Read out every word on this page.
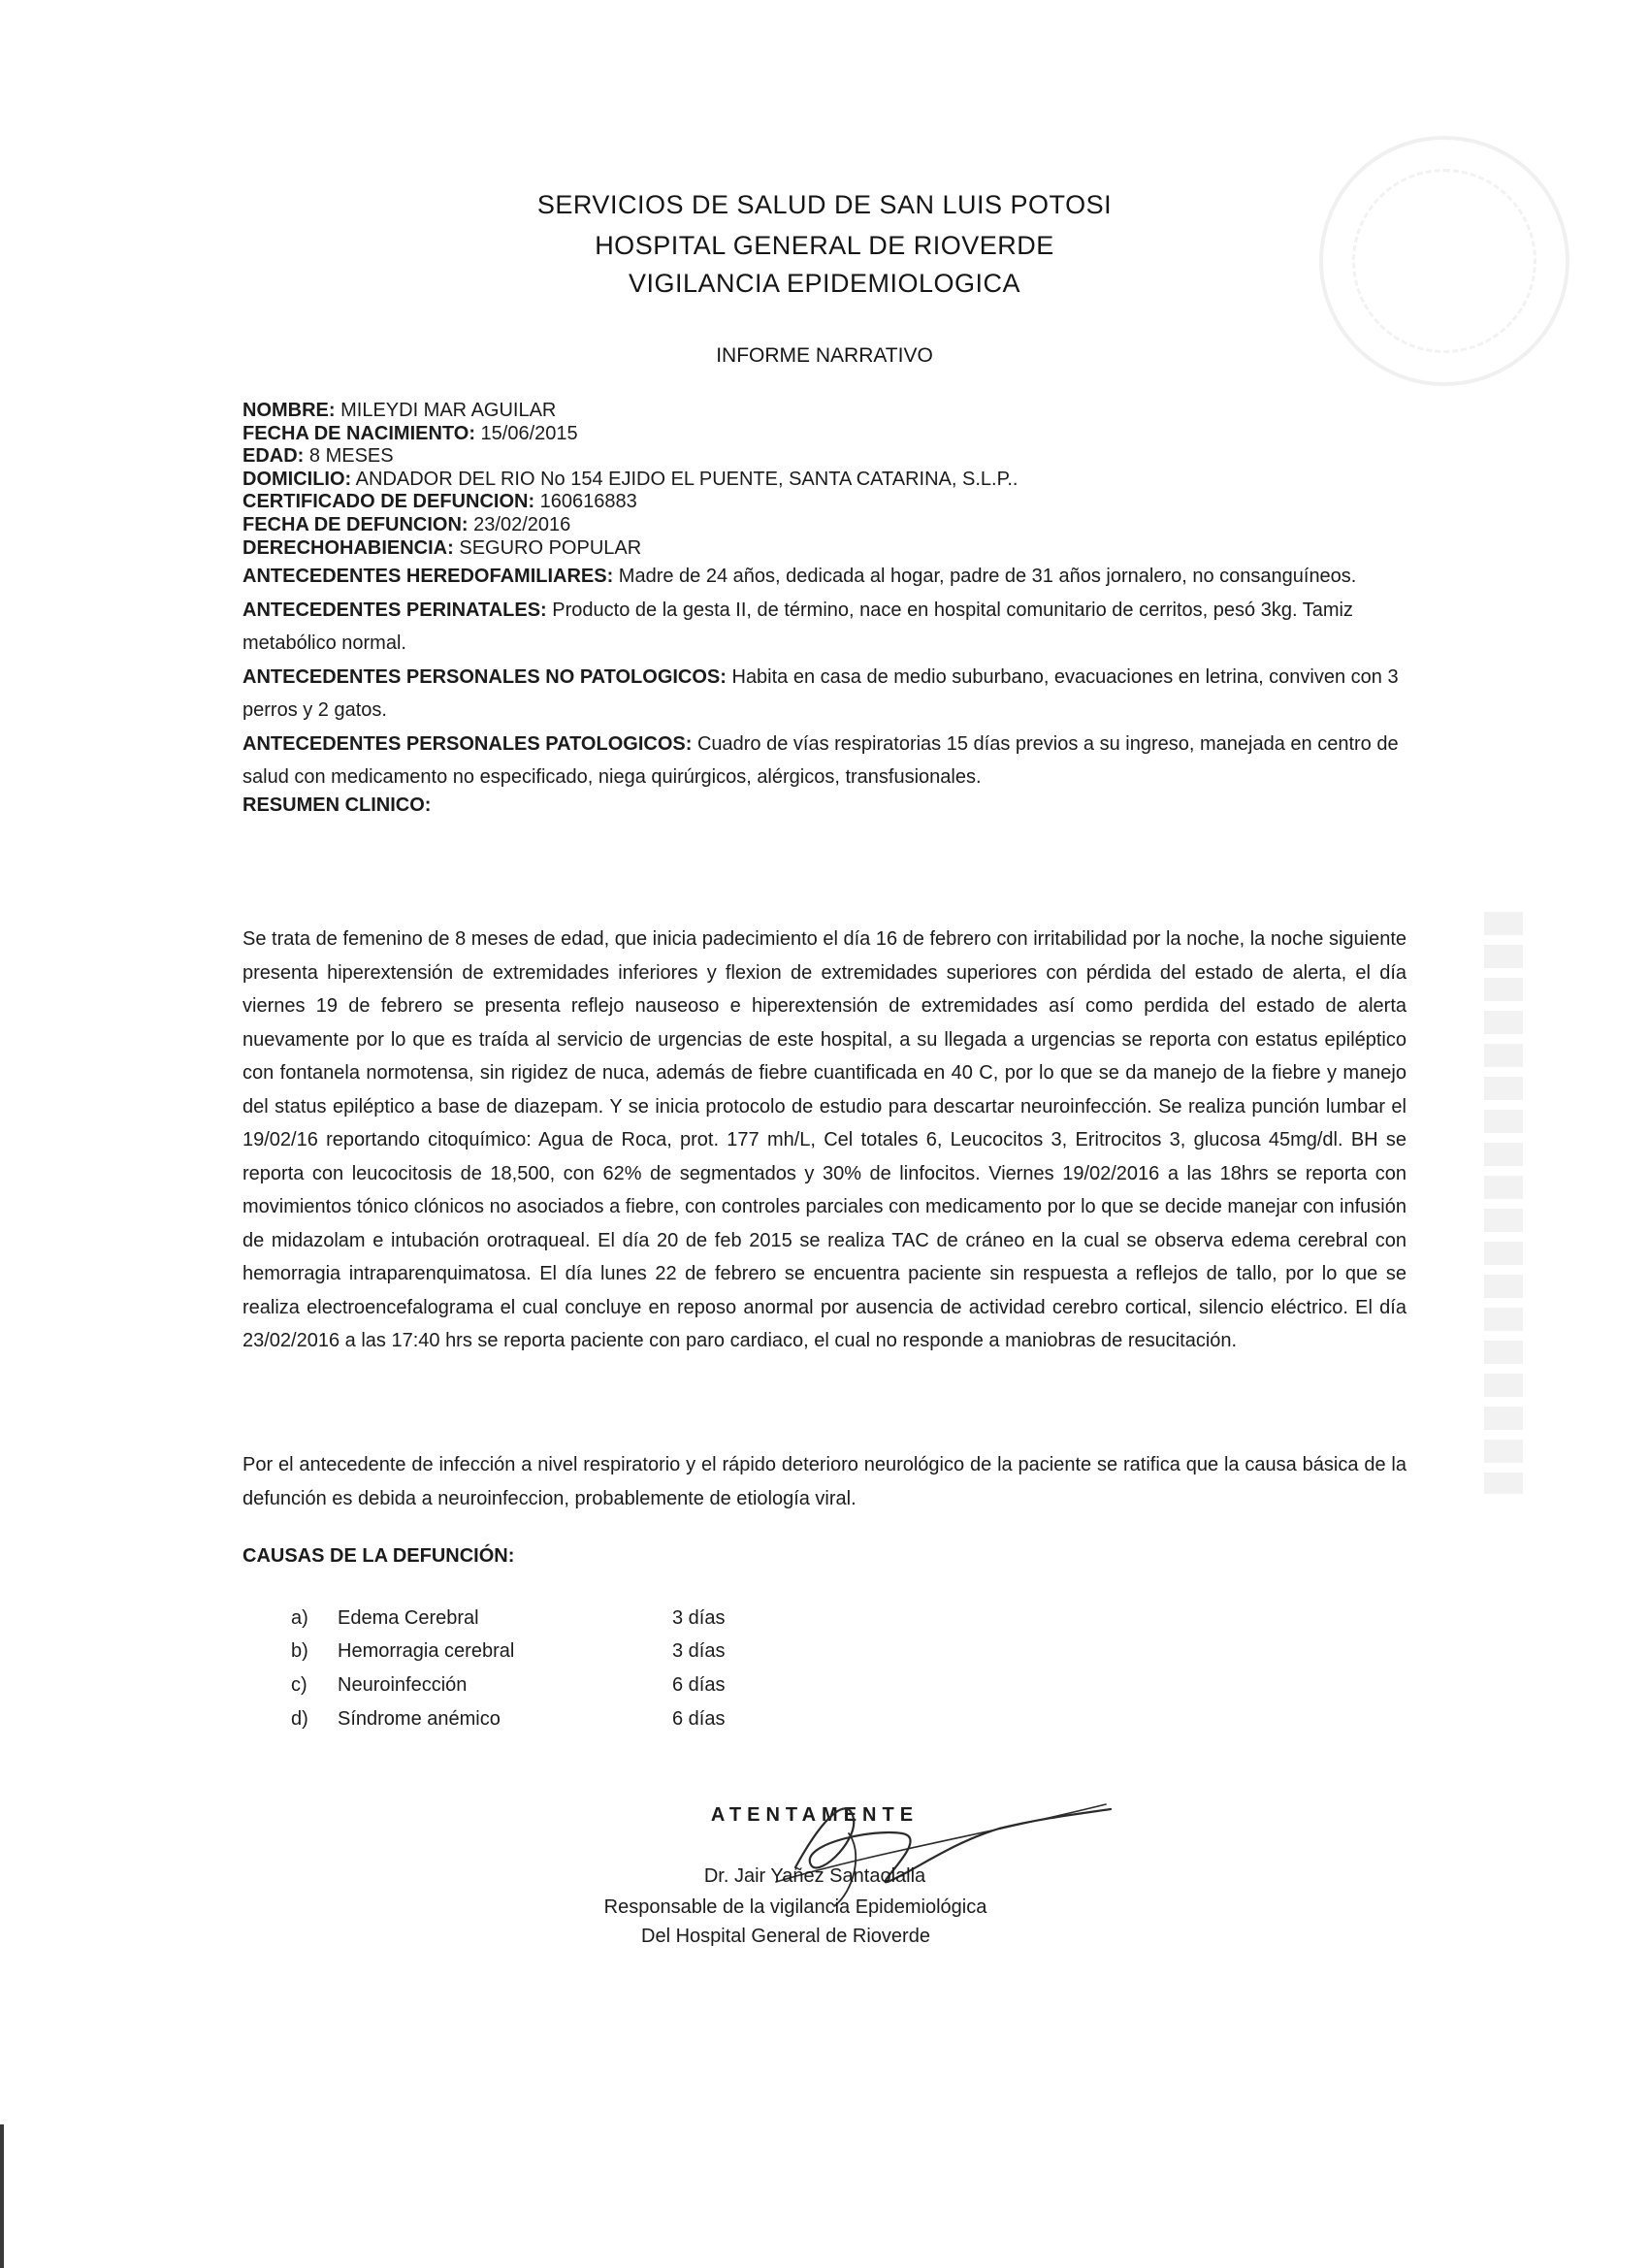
SERVICIOS DE SALUD DE SAN LUIS POTOSI
HOSPITAL GENERAL DE RIOVERDE
VIGILANCIA EPIDEMIOLOGICA
INFORME NARRATIVO

NOMBRE: MILEYDI MAR AGUILAR

FECHA DE NACIMIENTO: 15/06/2015

EDAD: 8 MESES

DOMICILIO: ANDADOR DEL RIO No 154 EJIDO EL PUENTE, SANTA CATARINA, S.L.P..

CERTIFICADO DE DEFUNCION: 160616883

FECHA DE DEFUNCION: 23/02/2016

DERECHOHABIENCIA: SEGURO POPULAR

ANTECEDENTES HEREDOFAMILIARES: Madre de 24 años, dedicada al hogar, padre de 31 años jornalero, no consanguíneos.

ANTECEDENTES PERINATALES: Producto de la gesta II, de término, nace en hospital comunitario de cerritos, pesó 3kg. Tamiz metabólico normal.

ANTECEDENTES PERSONALES NO PATOLOGICOS: Habita en casa de medio suburbano, evacuaciones en letrina, conviven con 3 perros y 2 gatos.

ANTECEDENTES PERSONALES PATOLOGICOS: Cuadro de vías respiratorias 15 días previos a su ingreso, manejada en centro de salud con medicamento no especificado, niega quirúrgicos, alérgicos, transfusionales.

RESUMEN CLINICO:

Se trata de femenino de 8 meses de edad, que inicia padecimiento el día 16 de febrero con irritabilidad por la noche, la noche siguiente presenta hiperextensión de extremidades inferiores y flexion de extremidades superiores con pérdida del estado de alerta, el día viernes 19 de febrero se presenta reflejo nauseoso e hiperextensión de extremidades así como perdida del estado de alerta nuevamente por lo que es traída al servicio de urgencias de este hospital, a su llegada a urgencias se reporta con estatus epiléptico con fontanela normotensa, sin rigidez de nuca, además de fiebre cuantificada en 40 C, por lo que se da manejo de la fiebre y manejo del status epiléptico a base de diazepam. Y se inicia protocolo de estudio para descartar neuroinfección. Se realiza punción lumbar el 19/02/16 reportando citoquímico: Agua de Roca, prot. 177 mh/L, Cel totales 6, Leucocitos 3, Eritrocitos 3, glucosa 45mg/dl. BH se reporta con leucocitosis de 18,500, con 62% de segmentados y 30% de linfocitos. Viernes 19/02/2016 a las 18hrs se reporta con movimientos tónico clónicos no asociados a fiebre, con controles parciales con medicamento por lo que se decide manejar con infusión de midazolam e intubación orotraqueal. El día 20 de feb 2015 se realiza TAC de cráneo en la cual se observa edema cerebral con hemorragia intraparenquimatosa. El día lunes 22 de febrero se encuentra paciente sin respuesta a reflejos de tallo, por lo que se realiza electroencefalograma el cual concluye en reposo anormal por ausencia de actividad cerebro cortical, silencio eléctrico. El día 23/02/2016 a las 17:40 hrs se reporta paciente con paro cardiaco, el cual no responde a maniobras de resucitación.

Por el antecedente de infección a nivel respiratorio y el rápido deterioro neurológico de la paciente se ratifica que la causa básica de la defunción es debida a neuroinfeccion, probablemente de etiología viral.

CAUSAS DE LA DEFUNCIÓN:
a) Edema Cerebral	3 días
b) Hemorragia cerebral	3 días
c) Neuroinfección	6 días
d) Síndrome anémico	6 días
ATENTAMENTE
Dr. Jair Yañez Santaolalla
Responsable de la vigilancia Epidemiológica
Del Hospital General de Rioverde
